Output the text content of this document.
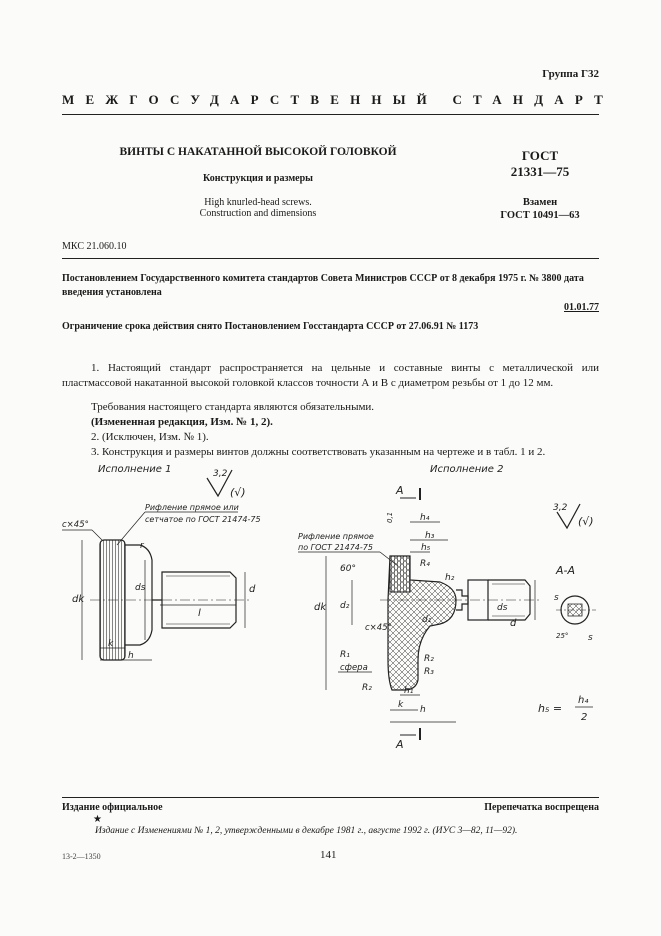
Группа Г32
МЕЖГОСУДАРСТВЕННЫЙ СТАНДАРТ
ВИНТЫ С НАКАТАННОЙ ВЫСОКОЙ ГОЛОВКОЙ
Конструкция и размеры
High knurled-head screws.
Construction and dimensions
ГОСТ
21331—75
Взамен
ГОСТ 10491—63
МКС 21.060.10
Постановлением Государственного комитета стандартов Совета Министров СССР от 8 декабря 1975 г. № 3800 дата введения установлена
01.01.77
Ограничение срока действия снято Постановлением Госстандарта СССР от 27.06.91 № 1173
1. Настоящий стандарт распространяется на цельные и составные винты с металлической или пластмассовой накатанной высокой головкой классов точности А и В с диаметром резьбы от 1 до 12 мм.
Требования настоящего стандарта являются обязательными.
(Измененная редакция, Изм. № 1, 2).
2. (Исключен, Изм. № 1).
3. Конструкция и размеры винтов должны соответствовать указанным на чертеже и в табл. 1 и 2.
Исполнение 1	3,2
(√)
Рифление прямое или
сетчатое по ГОСТ 21474-75
c×45°
dk
ds
r
d
l
k
h
Исполнение 2
А
А
3,2
(√)
Рифление прямое
по ГОСТ 21474-75
dk d₂
d₁
ds
d
60°
c×45°
R₁
сфера
R₂
R₂
R₃
R₄
h₄
h₃
h₅
h₂
0,1
h₁
k h
А-А
s
s
25°
h₅ =
h₄
2
Издание официальное	Перепечатка воспрещена
★
Издание с Изменениями № 1, 2, утвержденными в декабре 1981 г., августе 1992 г. (ИУС 3—82, 11—92).
13-2—1350	141
